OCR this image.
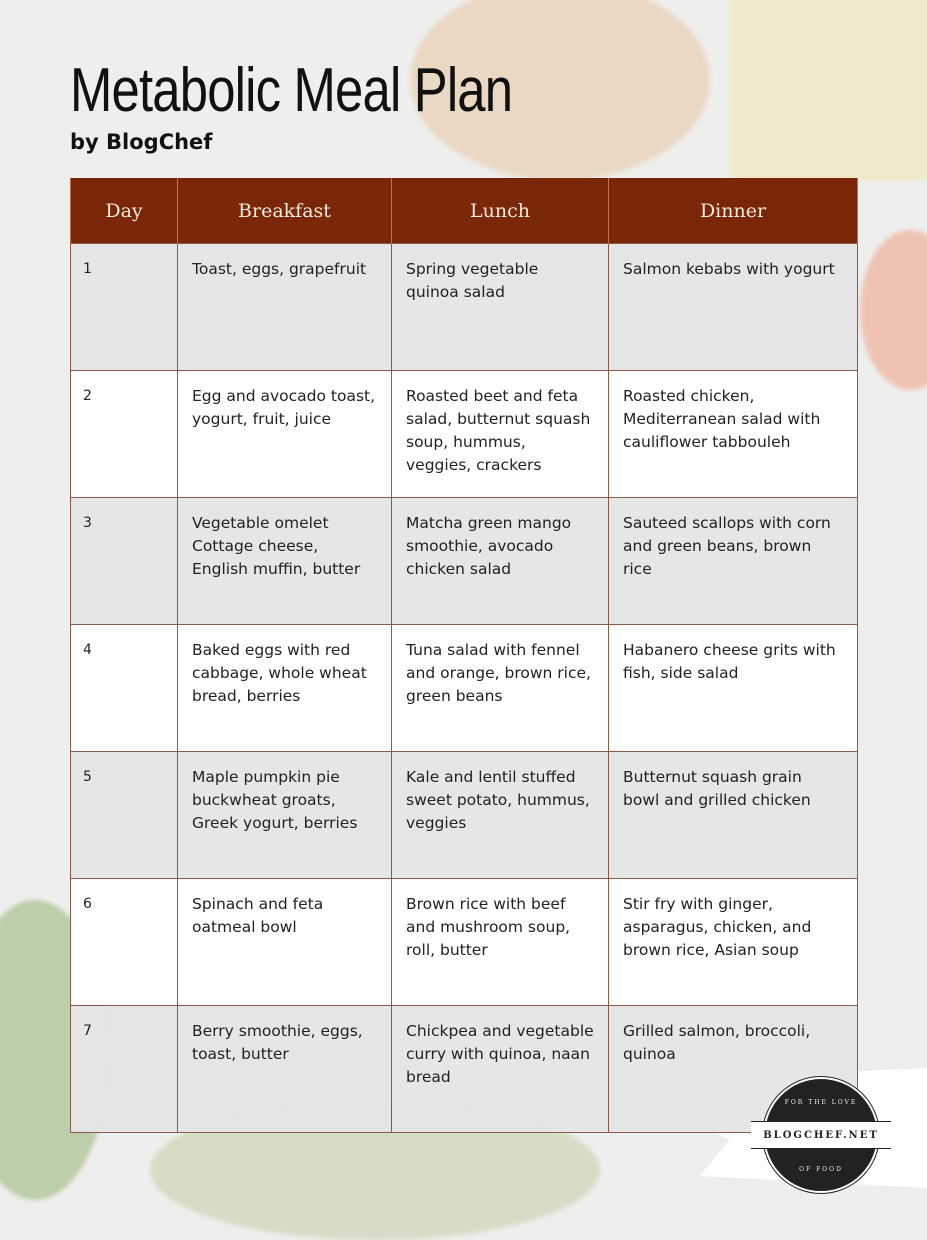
Metabolic Meal Plan
by BlogChef
Day	Breakfast	Lunch	Dinner
1	Toast, eggs, grapefruit	Spring vegetable quinoa salad	Salmon kebabs with yogurt
2	Egg and avocado toast, yogurt, fruit, juice	Roasted beet and feta salad, butternut squash soup, hummus, veggies, crackers	Roasted chicken, Mediterranean salad with cauliflower tabbouleh
3	Vegetable omelet Cottage cheese, English muffin, butter	Matcha green mango smoothie, avocado chicken salad	Sauteed scallops with corn and green beans, brown rice
4	Baked eggs with red cabbage, whole wheat bread, berries	Tuna salad with fennel and orange, brown rice, green beans	Habanero cheese grits with fish, side salad
5	Maple pumpkin pie buckwheat groats, Greek yogurt, berries	Kale and lentil stuffed sweet potato, hummus, veggies	Butternut squash grain bowl and grilled chicken
6	Spinach and feta oatmeal bowl	Brown rice with beef and mushroom soup, roll, butter	Stir fry with ginger, asparagus, chicken, and brown rice, Asian soup
7	Berry smoothie, eggs, toast, butter	Chickpea and vegetable curry with quinoa, naan bread	Grilled salmon, broccoli, quinoa
FOR THE LOVE
BLOGCHEF.NET
OF FOOD
